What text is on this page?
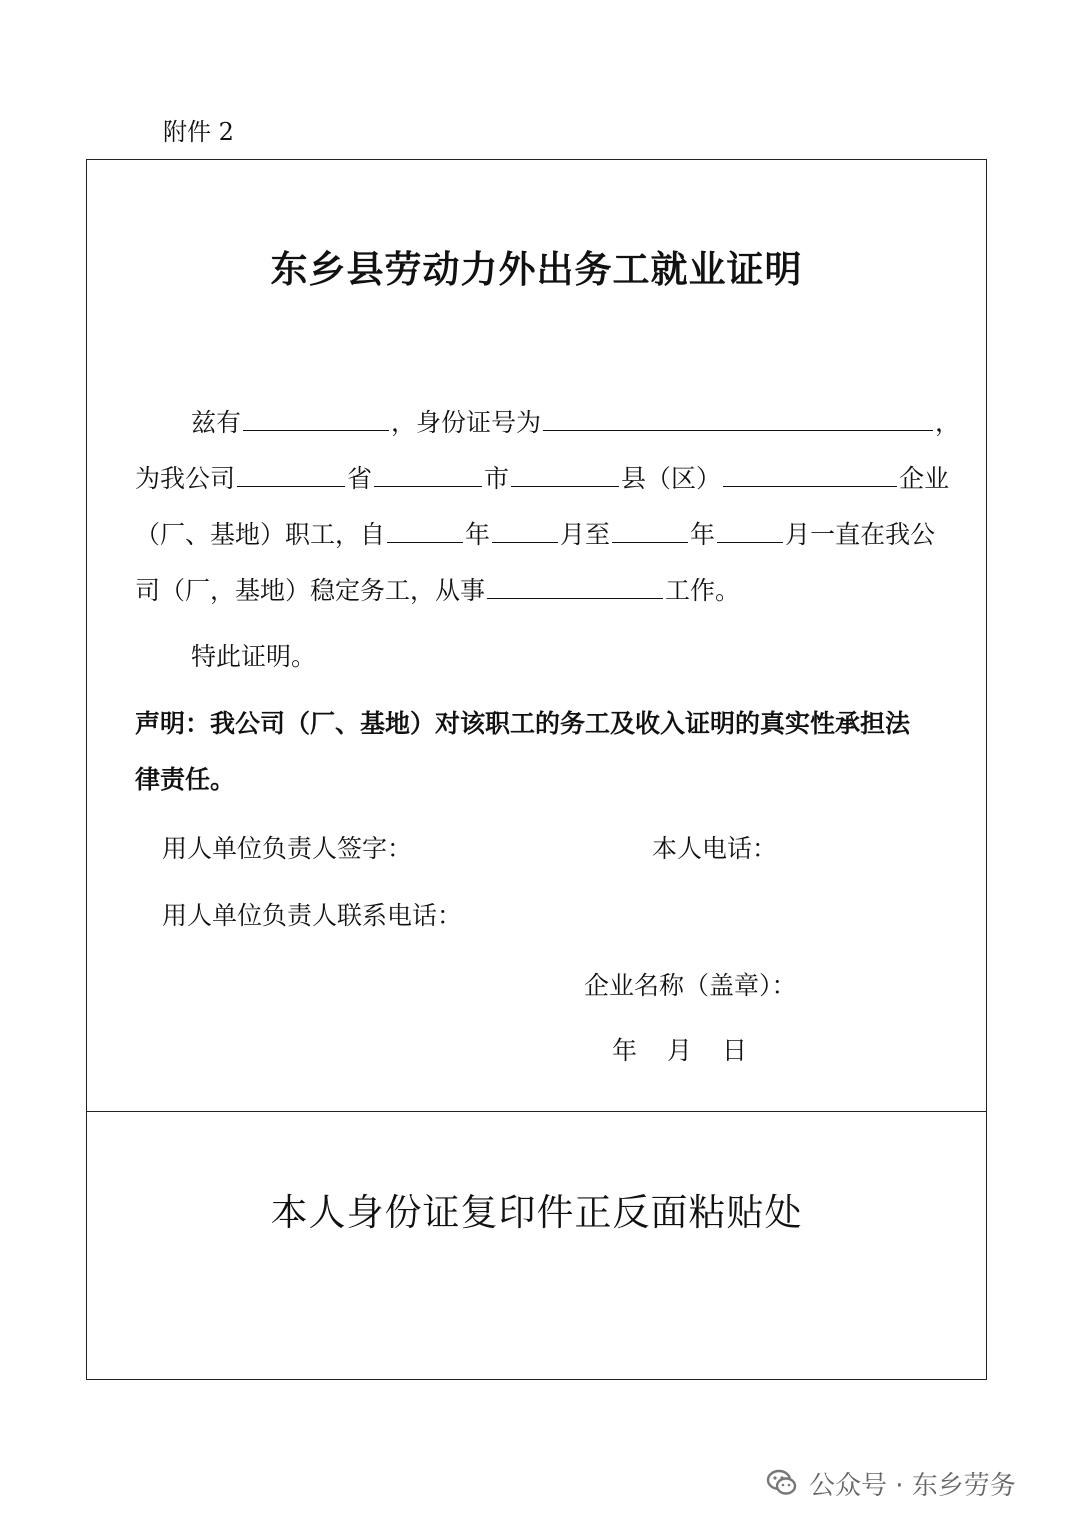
附件 2
东乡县劳动力外出务工就业证明
兹有	，身份证号为	，
为我公司	省	市	县（区）	企业
（厂、基地）职工，自	年	月至	年	月一直在我公
司（厂，基地）稳定务工，从事	工作。
特此证明。
声明：我公司（厂、基地）对该职工的务工及收入证明的真实性承担法
律责任。
用人单位负责人签字：	本人电话：
用人单位负责人联系电话：
企业名称（盖章）：
年 月 日
本人身份证复印件正反面粘贴处
公众号 · 东乡劳务
